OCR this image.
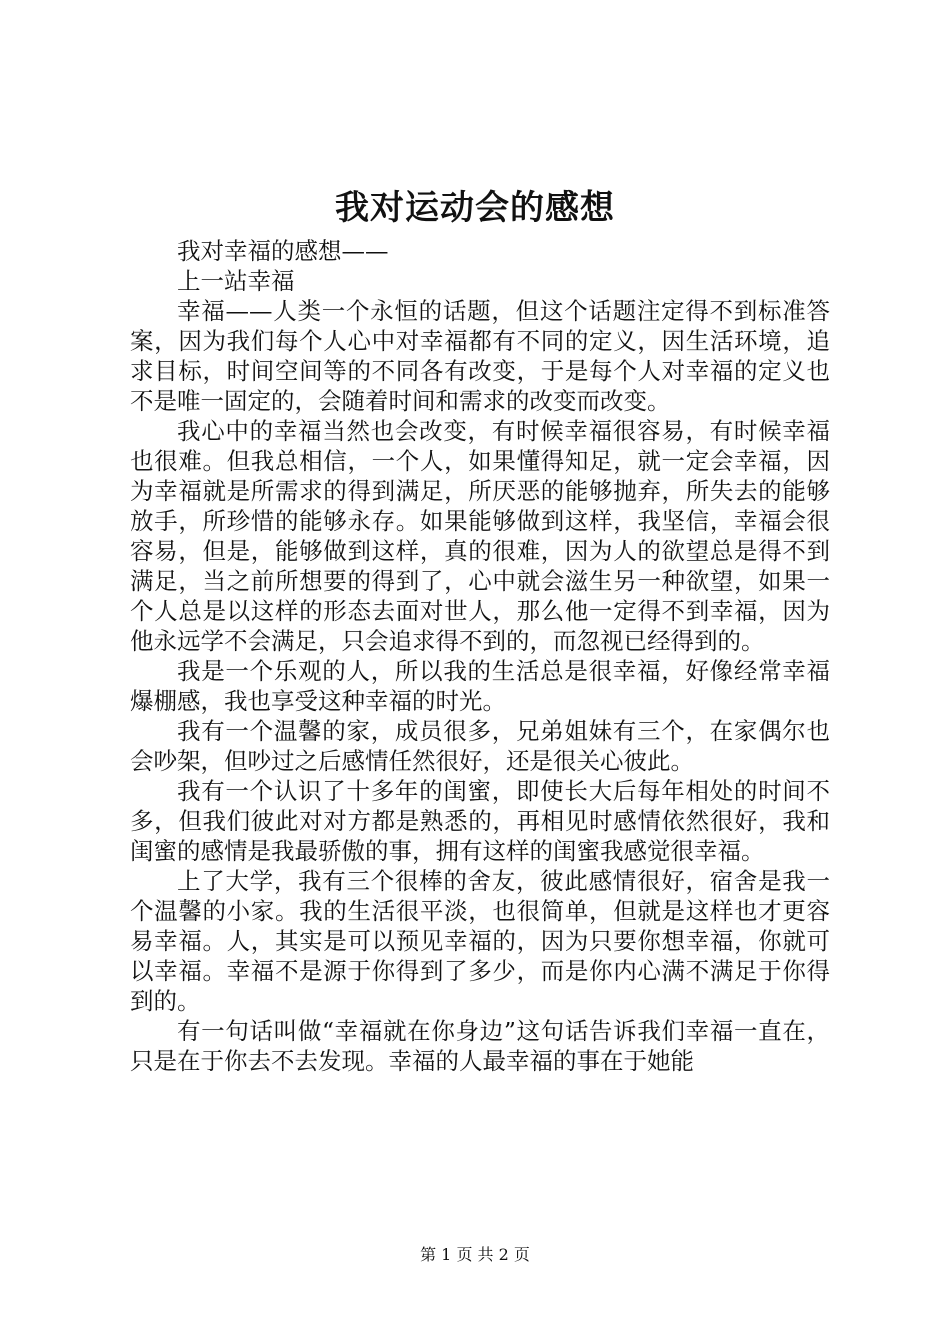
我对运动会的感想

我对幸福的感想——

上一站幸福

幸福——人类一个永恒的话题，但这个话题注定得不到标准答案，因为我们每个人心中对幸福都有不同的定义，因生活环境，追求目标，时间空间等的不同各有改变，于是每个人对幸福的定义也不是唯一固定的，会随着时间和需求的改变而改变。

我心中的幸福当然也会改变，有时候幸福很容易，有时候幸福也很难。但我总相信，一个人，如果懂得知足，就一定会幸福，因为幸福就是所需求的得到满足，所厌恶的能够抛弃，所失去的能够放手，所珍惜的能够永存。如果能够做到这样，我坚信，幸福会很容易，但是，能够做到这样，真的很难，因为人的欲望总是得不到满足，当之前所想要的得到了，心中就会滋生另一种欲望，如果一个人总是以这样的形态去面对世人，那么他一定得不到幸福，因为他永远学不会满足，只会追求得不到的，而忽视已经得到的。

我是一个乐观的人，所以我的生活总是很幸福，好像经常幸福爆棚感，我也享受这种幸福的时光。

我有一个温馨的家，成员很多，兄弟姐妹有三个，在家偶尔也会吵架，但吵过之后感情任然很好，还是很关心彼此。

我有一个认识了十多年的闺蜜，即使长大后每年相处的时间不多，但我们彼此对对方都是熟悉的，再相见时感情依然很好，我和闺蜜的感情是我最骄傲的事，拥有这样的闺蜜我感觉很幸福。

上了大学，我有三个很棒的舍友，彼此感情很好，宿舍是我一个温馨的小家。我的生活很平淡，也很简单，但就是这样也才更容易幸福。人，其实是可以预见幸福的，因为只要你想幸福，你就可以幸福。幸福不是源于你得到了多少，而是你内心满不满足于你得到的。

有一句话叫做“幸福就在你身边”这句话告诉我们幸福一直在，只是在于你去不去发现。幸福的人最幸福的事在于她能

第 1 页 共 2 页
